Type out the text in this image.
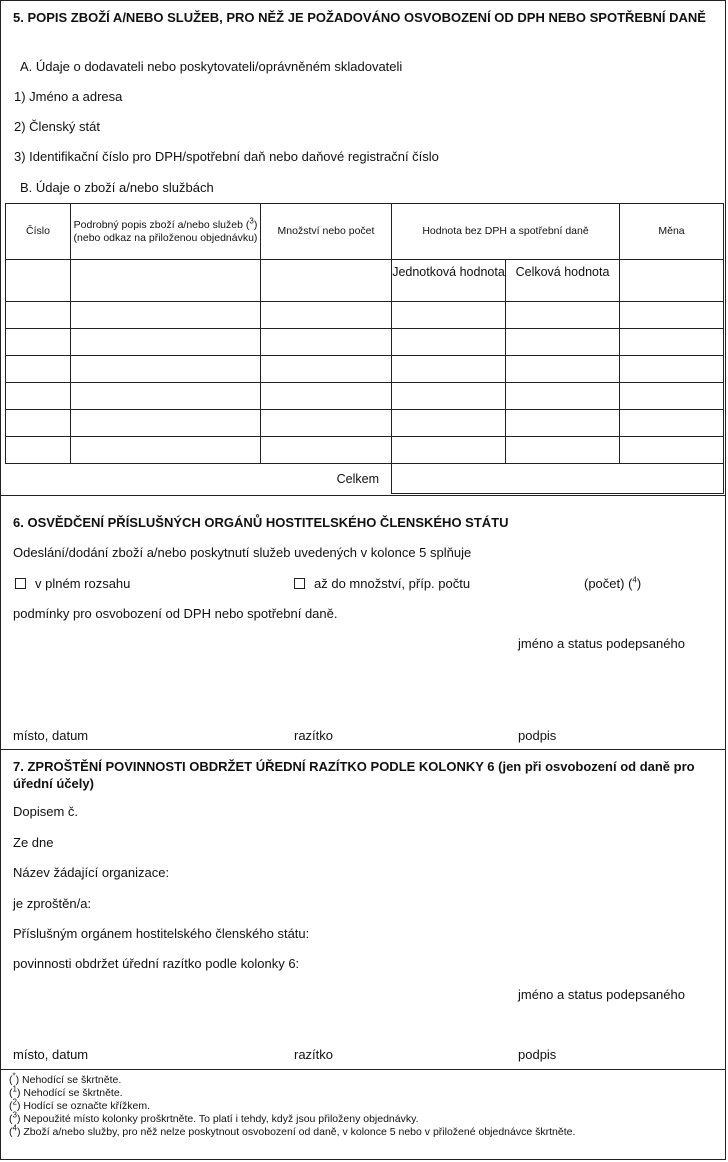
5. POPIS ZBOŽÍ A/NEBO SLUŽEB, PRO NĚŽ JE POŽADOVÁNO OSVOBOZENÍ OD DPH NEBO SPOTŘEBNÍ DANĚ
A. Údaje o dodavateli nebo poskytovateli/oprávněném skladovateli
1) Jméno a adresa
2) Členský stát
3) Identifikační číslo pro DPH/spotřební daň nebo daňové registrační číslo
B. Údaje o zboží a/nebo službách
Číslo	Podrobný popis zboží a/nebo služeb ($^3$) (nebo odkaz na přiloženou objednávku)	Množství nebo počet	Hodnota bez DPH a spotřební daně		Měna
			Jednotková hodnota	Celková hodnota	

Celkem					
6. OSVĚDČENÍ PŘÍSLUŠNÝCH ORGÁNŮ HOSTITELSKÉHO ČLENSKÉHO STÁTU
Odeslání/dodání zboží a/nebo poskytnutí služeb uvedených v kolonce 5 splňuje
v plném rozsahu	až do množství, příp. počtu	(počet) ($^4$)
podmínky pro osvobození od DPH nebo spotřební daně.
jméno a status podepsaného
místo, datum	razítko	podpis
7. ZPROŠTĚNÍ POVINNOSTI OBDRŽET ÚŘEDNÍ RAZÍTKO PODLE KOLONKY 6 (jen při osvobození od daně pro úřední účely)
Dopisem č.
Ze dne
Název žádající organizace:
je zproštěn/a:
Příslušným orgánem hostitelského členského státu:
povinnosti obdržet úřední razítko podle kolonky 6:
jméno a status podepsaného
místo, datum	razítko	podpis
(*) Nehodící se škrtněte.
($^1$) Nehodící se škrtněte.
($^2$) Hodící se označte křížkem.
($^3$) Nepoužité místo kolonky proškrtněte. To platí i tehdy, když jsou přiloženy objednávky.
($^4$) Zboží a/nebo služby, pro něž nelze poskytnout osvobození od daně, v kolonce 5 nebo v přiložené objednávce škrtněte.
